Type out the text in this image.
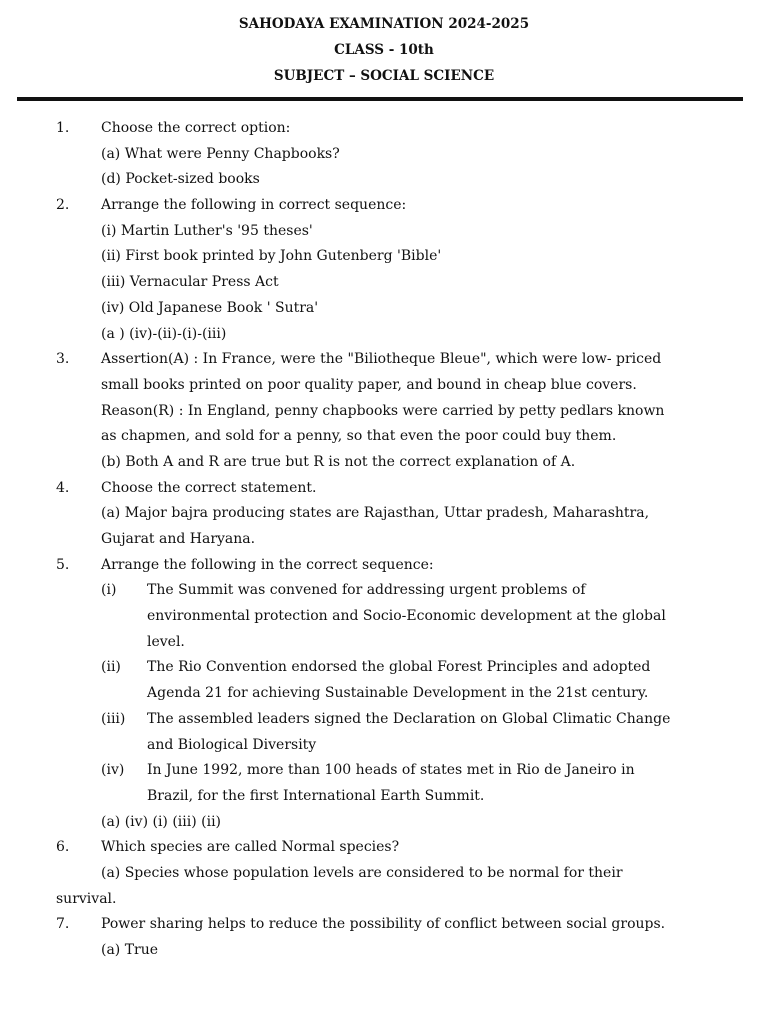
SAHODAYA EXAMINATION 2024-2025
CLASS - 10th
SUBJECT – SOCIAL SCIENCE
1. Choose the correct option:
(a) What were Penny Chapbooks?
(d) Pocket-sized books
2. Arrange the following in correct sequence:
(i) Martin Luther's '95 theses'
(ii) First book printed by John Gutenberg 'Bible'
(iii) Vernacular Press Act
(iv) Old Japanese Book ' Sutra'
(a ) (iv)-(ii)-(i)-(iii)
3. Assertion(A) : In France, were the "Biliotheque Bleue", which were low- priced
small books printed on poor quality paper, and bound in cheap blue covers.
Reason(R) : In England, penny chapbooks were carried by petty pedlars known
as chapmen, and sold for a penny, so that even the poor could buy them.
(b) Both A and R are true but R is not the correct explanation of A.
4. Choose the correct statement.
(a) Major bajra producing states are Rajasthan, Uttar pradesh, Maharashtra,
Gujarat and Haryana.
5. Arrange the following in the correct sequence:
(i) The Summit was convened for addressing urgent problems of
environmental protection and Socio-Economic development at the global
level.
(ii) The Rio Convention endorsed the global Forest Principles and adopted
Agenda 21 for achieving Sustainable Development in the 21st century.
(iii) The assembled leaders signed the Declaration on Global Climatic Change
and Biological Diversity
(iv) In June 1992, more than 100 heads of states met in Rio de Janeiro in
Brazil, for the first International Earth Summit.
(a) (iv) (i) (iii) (ii)
6. Which species are called Normal species?
(a) Species whose population levels are considered to be normal for their
survival.
7. Power sharing helps to reduce the possibility of conflict between social groups.
(a) True
